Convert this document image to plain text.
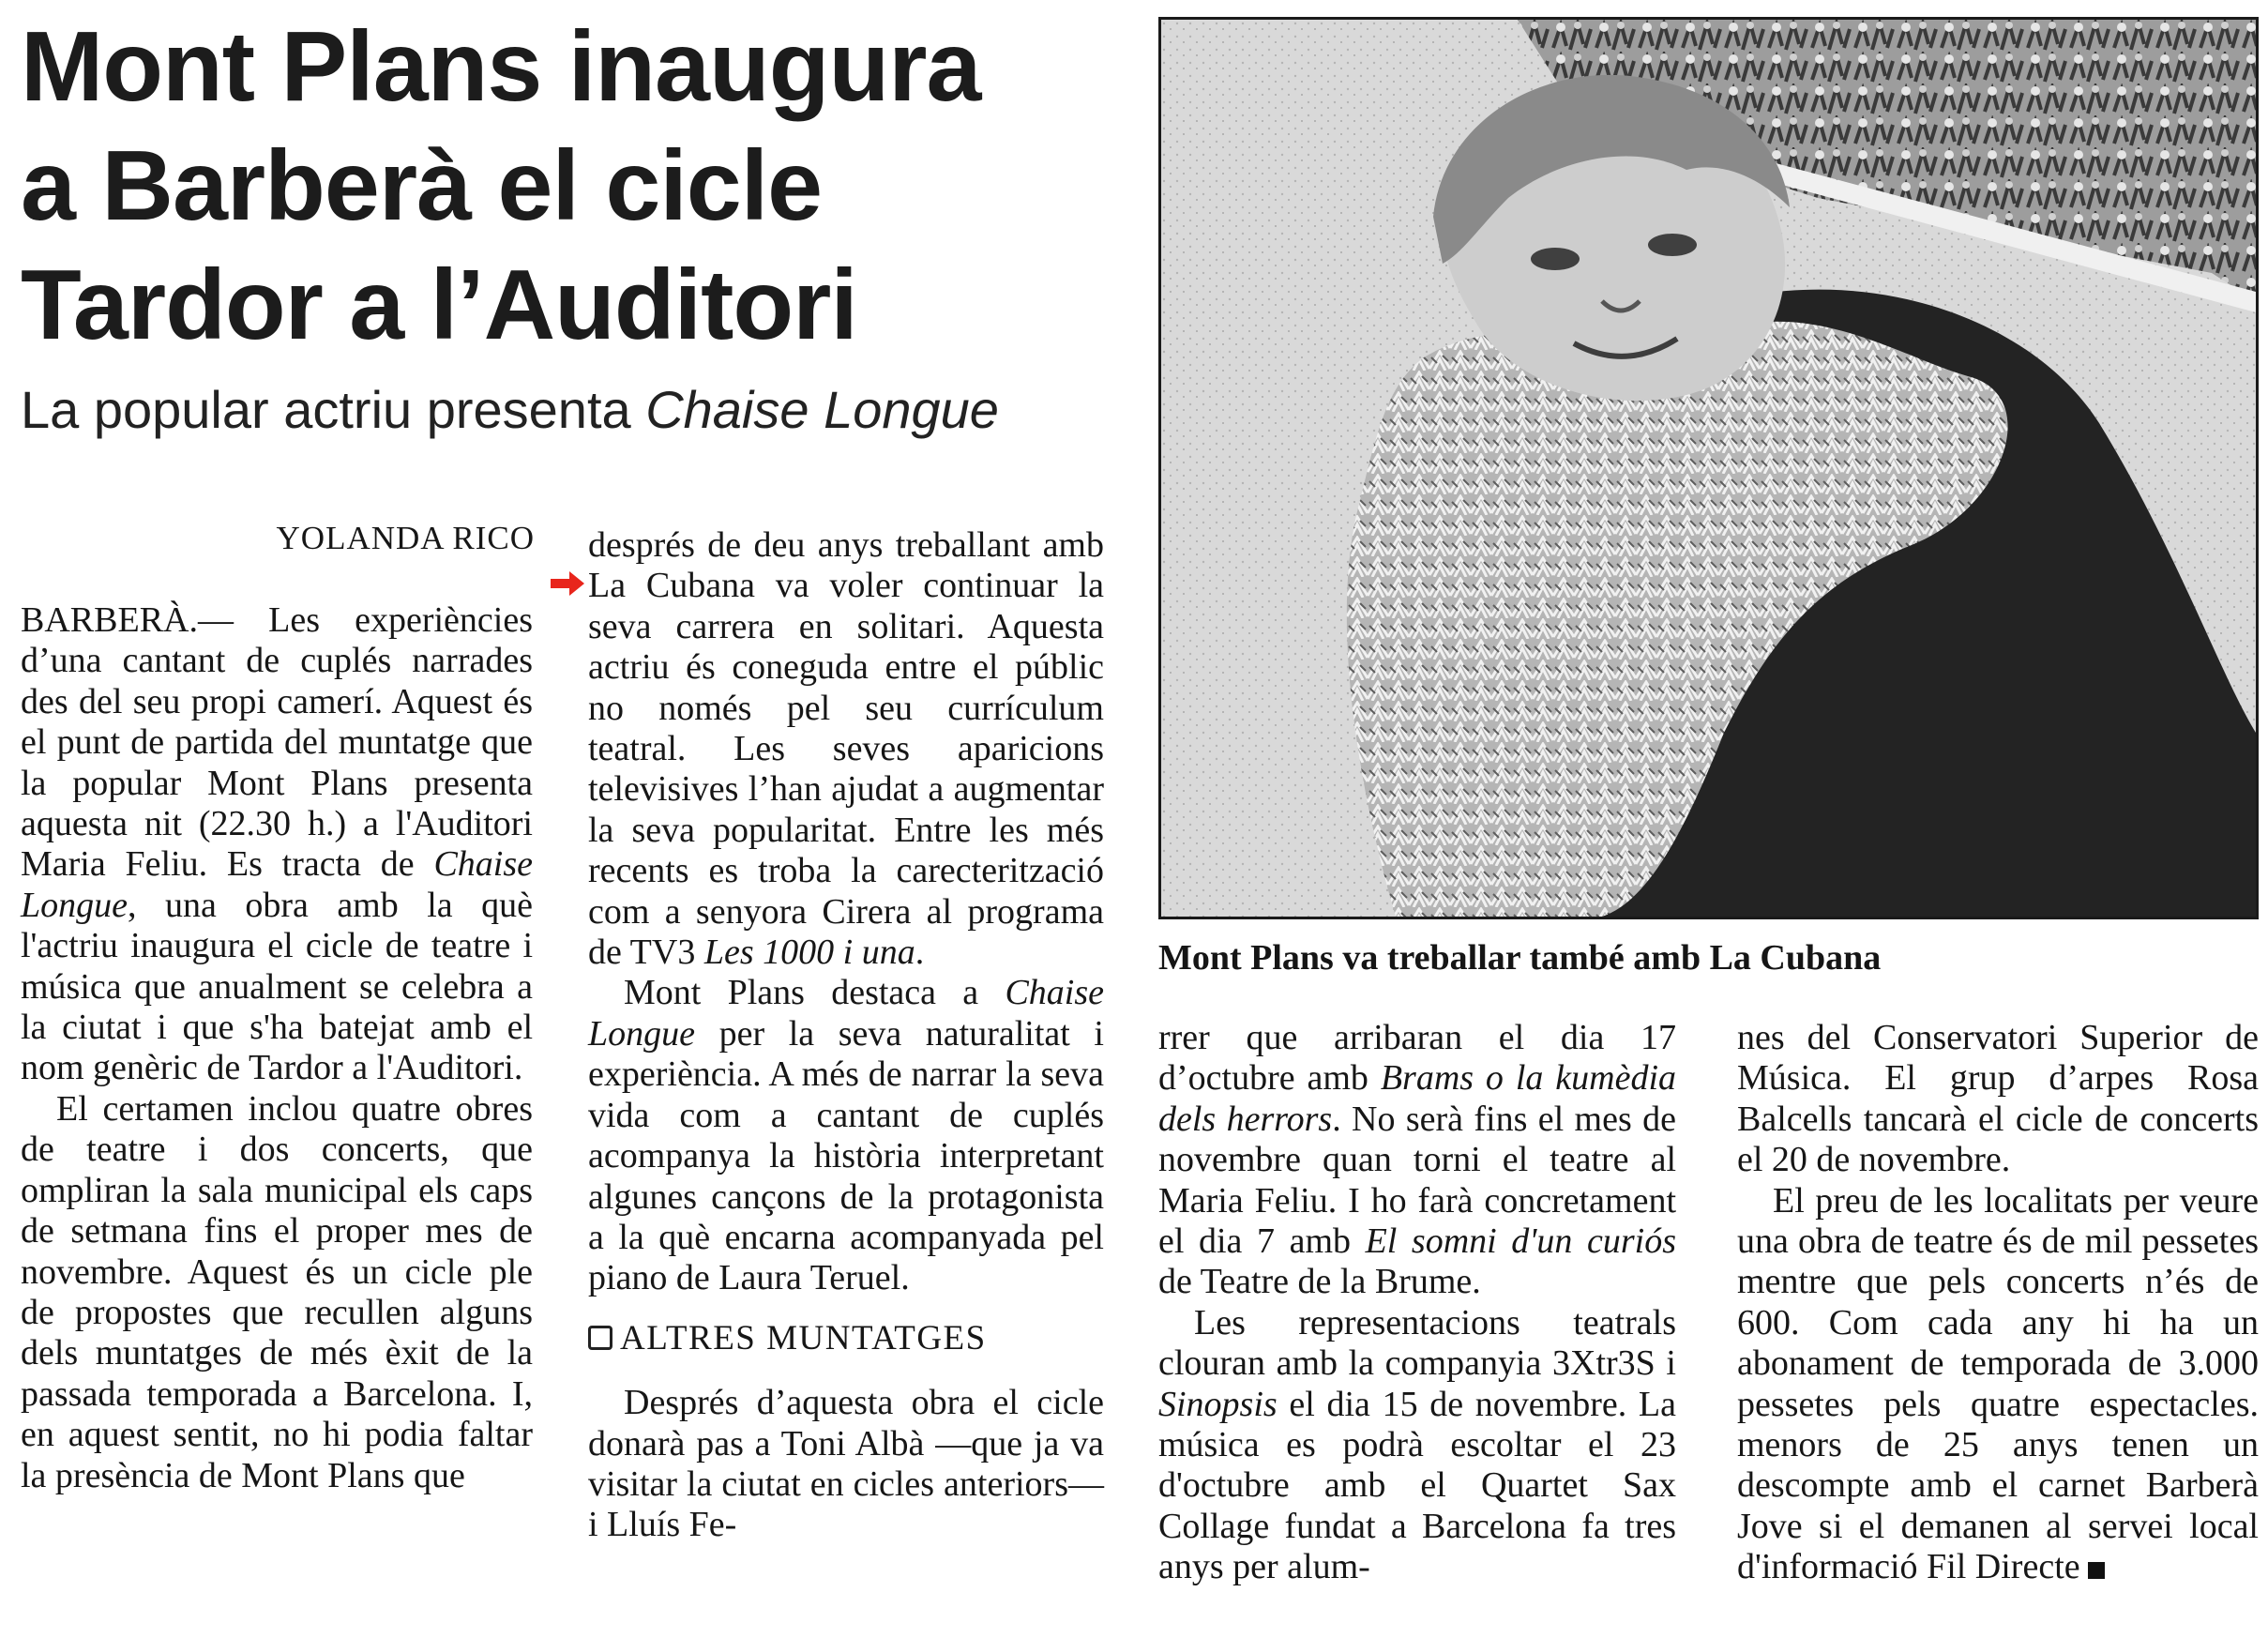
Mont Plans inaugura
a Barberà el cicle
Tardor a l’Auditori
La popular actriu presenta Chaise Longue
YOLANDA RICO

BARBERÀ.— Les experiències d’una cantant de cuplés narrades des del seu propi camerí. Aquest és el punt de partida del muntatge que la popular Mont Plans presenta aquesta nit (22.30 h.) a l'Auditori Maria Feliu. Es tracta de Chaise Longue, una obra amb la què l'actriu inaugura el cicle de teatre i música que anualment se celebra a la ciutat i que s'ha batejat amb el nom genèric de Tardor a l'Auditori.

El certamen inclou quatre obres de teatre i dos concerts, que ompliran la sala municipal els caps de setmana fins el proper mes de novembre. Aquest és un cicle ple de propostes que recullen alguns dels muntatges de més èxit de la passada temporada a Barcelona. I, en aquest sentit, no hi podia faltar la presència de Mont Plans que

després de deu anys treballant amb La Cubana va voler continuar la seva carrera en solitari. Aquesta actriu és coneguda entre el públic no només pel seu currículum teatral. Les seves aparicions televisives l’han ajudat a augmentar la seva popularitat. Entre les més recents es troba la carecterització com a senyora Cirera al programa de TV3 Les 1000 i una.

Mont Plans destaca a Chaise Longue per la seva naturalitat i experiència. A més de narrar la seva vida com a cantant de cuplés acompanya la història interpretant algunes cançons de la protagonista a la què encarna acompanyada pel piano de Laura Teruel.

ALTRES MUNTATGES

Després d’aquesta obra el cicle donarà pas a Toni Albà —que ja va visitar la ciutat en cicles anteriors— i Lluís Fe-

Mont Plans va treballar també amb La Cubana

rrer que arribaran el dia 17 d’octubre amb Brams o la kumèdia dels herrors. No serà fins el mes de novembre quan torni el teatre al Maria Feliu. I ho farà concretament el dia 7 amb El somni d'un curiós de Teatre de la Brume.

Les representacions teatrals clouran amb la companyia 3Xtr3S i Sinopsis el dia 15 de novembre. La música es podrà escoltar el 23 d'octubre amb el Quartet Sax Collage fundat a Barcelona fa tres anys per alum-

nes del Conservatori Superior de Música. El grup d’arpes Rosa Balcells tancarà el cicle de concerts el 20 de novembre.

El preu de les localitats per veure una obra de teatre és de mil pessetes mentre que pels concerts n’és de 600. Com cada any hi ha un abonament de temporada de 3.000 pessetes pels quatre espectacles. menors de 25 anys tenen un descompte amb el carnet Barberà Jove si el demanen al servei local d'informació Fil Directe
